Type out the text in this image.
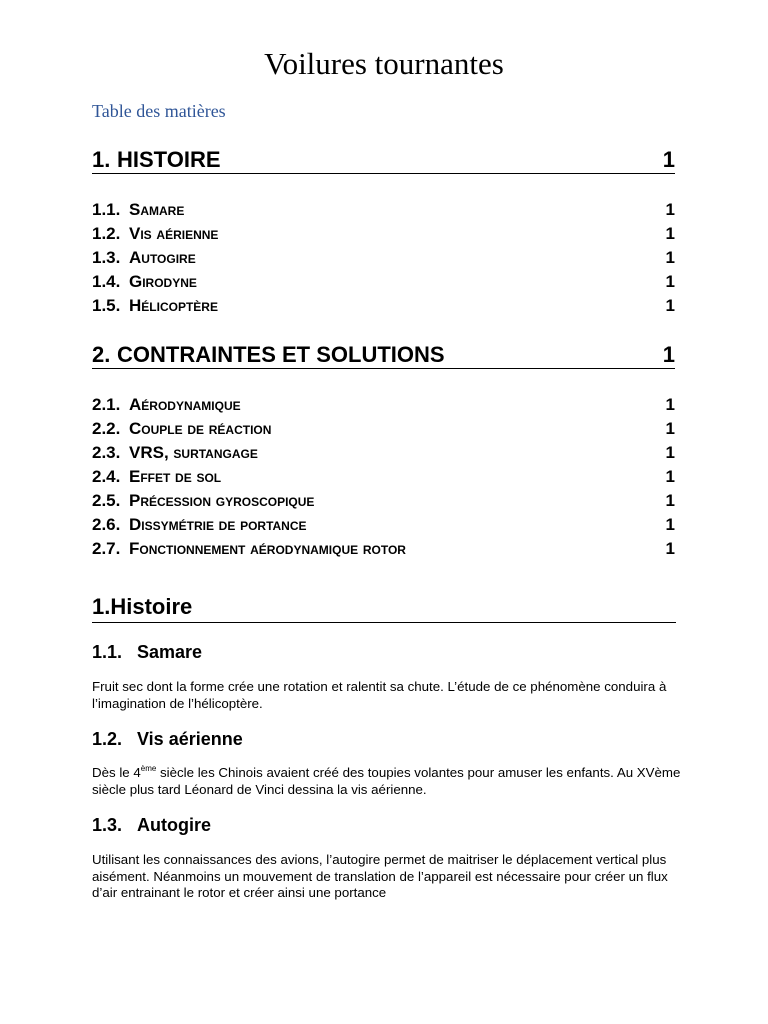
Voilures tournantes
Table des matières
1. HISTOIRE	1
1.1. Samare	1
1.2. Vis aérienne	1
1.3. Autogire	1
1.4. Girodyne	1
1.5. Hélicoptère	1
2. CONTRAINTES ET SOLUTIONS	1
2.1. Aérodynamique	1
2.2. Couple de réaction	1
2.3. VRS, surtangage	1
2.4. Effet de sol	1
2.5. Précession gyroscopique	1
2.6. Dissymétrie de portance	1
2.7. Fonctionnement aérodynamique rotor	1
1.Histoire
1.1. Samare
Fruit sec dont la forme crée une rotation et ralentit sa chute. L’étude de ce phénomène conduira à l’imagination de l’hélicoptère.
1.2. Vis aérienne
Dès le 4ème siècle les Chinois avaient créé des toupies volantes pour amuser les enfants. Au XVème siècle plus tard Léonard de Vinci dessina la vis aérienne.
1.3. Autogire
Utilisant les connaissances des avions, l’autogire permet de maitriser le déplacement vertical plus aisément. Néanmoins un mouvement de translation de l’appareil est nécessaire pour créer un flux d’air entrainant le rotor et créer ainsi une portance
